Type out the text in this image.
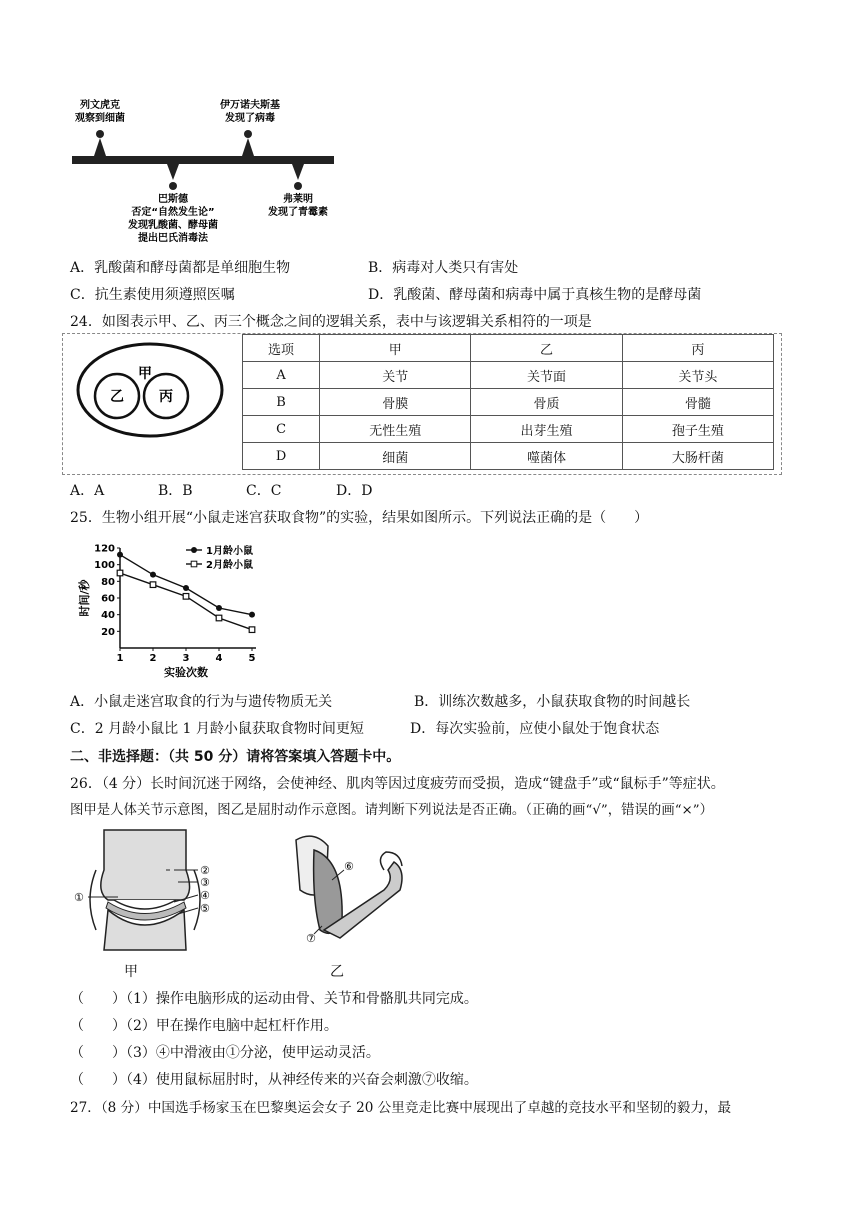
列文虎克
观察到细菌
伊万诺夫斯基
发现了病毒
巴斯德
否定“自然发生论”
发现乳酸菌、酵母菌
提出巴氏消毒法
弗莱明
发现了青霉素
A．乳酸菌和酵母菌都是单细胞生物	B．病毒对人类只有害处
C．抗生素使用须遵照医嘱	D．乳酸菌、酵母菌和病毒中属于真核生物的是酵母菌
24．如图表示甲、乙、丙三个概念之间的逻辑关系，表中与该逻辑关系相符的一项是
甲
乙	丙
选项	甲	乙	丙
A	关节	关节面	关节头
B	骨膜	骨质	骨髓
C	无性生殖	出芽生殖	孢子生殖
D	细菌	噬菌体	大肠杆菌
A．A	B．B	C．C	D．D
25．生物小组开展“小鼠走迷宫获取食物”的实验，结果如图所示。下列说法正确的是（　　）
20
40
60
80
100
120
1	2	3	4	5
实验次数
时间/秒
1月龄小鼠
2月龄小鼠
A．小鼠走迷宫取食的行为与遗传物质无关	B．训练次数越多，小鼠获取食物的时间越长
C．2 月龄小鼠比 1 月龄小鼠获取食物时间更短	D．每次实验前，应使小鼠处于饱食状态
二、非选择题：（共 50 分）请将答案填入答题卡中。
26．（4 分）长时间沉迷于网络，会使神经、肌肉等因过度疲劳而受损，造成“键盘手”或“鼠标手”等症状。
图甲是人体关节示意图，图乙是屈肘动作示意图。请判断下列说法是否正确。（正确的画“√”，错误的画“×”）
①
②
③
④
⑤
⑥
⑦
甲	乙
（　　）（1）操作电脑形成的运动由骨、关节和骨骼肌共同完成。
（　　）（2）甲在操作电脑中起杠杆作用。
（　　）（3）④中滑液由①分泌，使甲运动灵活。
（　　）（4）使用鼠标屈肘时，从神经传来的兴奋会刺激⑦收缩。
27．（8 分）中国选手杨家玉在巴黎奥运会女子 20 公里竞走比赛中展现出了卓越的竞技水平和坚韧的毅力，最
